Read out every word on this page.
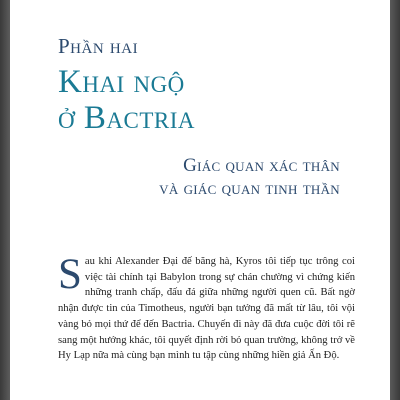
Phần hai
Khai ngộ
ở Bactria
Giác quan xác thân
và giác quan tinh thần
Sau khi Alexander Đại đế băng hà, Kyros tôi tiếp tục trông coi việc tài chính tại Babylon trong sự chán chường vì chứng kiến những tranh chấp, đấu đá giữa những người quen cũ. Bất ngờ nhận được tin của Timotheus, người bạn tưởng đã mất từ lâu, tôi vội vàng bỏ mọi thứ để đến Bactria. Chuyến đi này đã đưa cuộc đời tôi rẽ sang một hướng khác, tôi quyết định rời bỏ quan trường, không trở về Hy Lạp nữa mà cùng bạn mình tu tập cùng những hiền giả Ấn Độ.
